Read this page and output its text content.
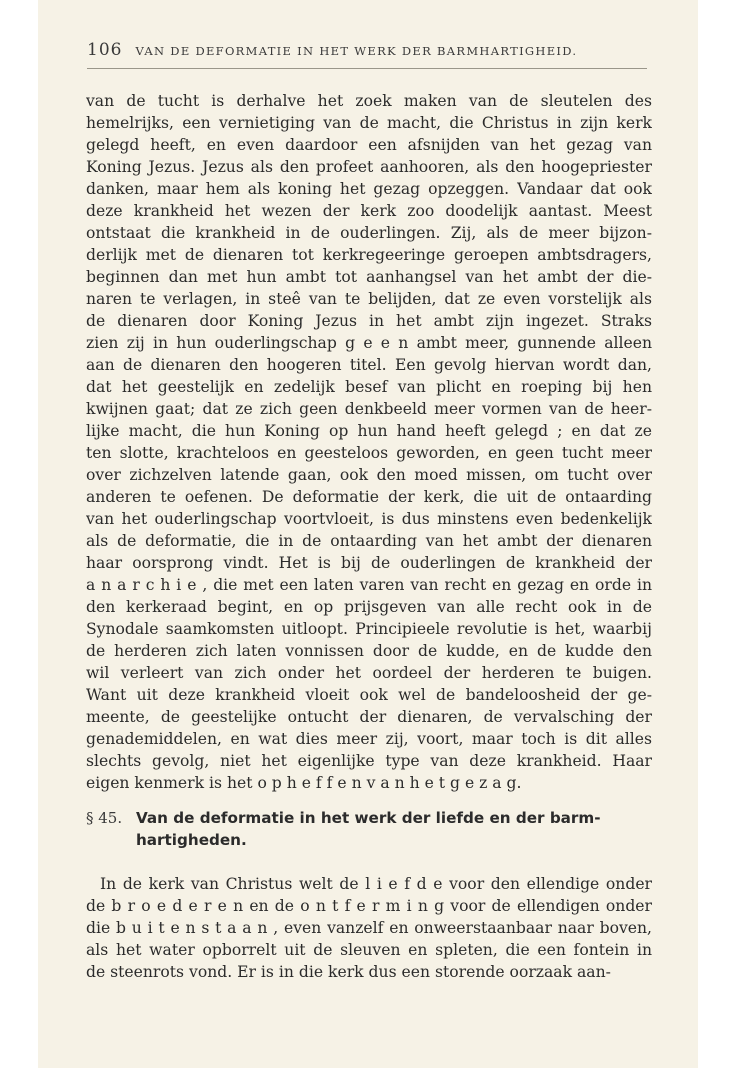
106 VAN DE DEFORMATIE IN HET WERK DER BARMHARTIGHEID.
van de tucht is derhalve het zoek maken van de sleutelen des
hemelrijks, een vernietiging van de macht, die Christus in zijn kerk
gelegd heeft, en even daardoor een afsnijden van het gezag van
Koning Jezus. Jezus als den profeet aanhooren, als den hoogepriester
danken, maar hem als koning het gezag opzeggen. Vandaar dat ook
deze krankheid het wezen der kerk zoo doodelijk aantast. Meest
ontstaat die krankheid in de ouderlingen. Zij, als de meer bijzon-
derlijk met de dienaren tot kerkregeeringe geroepen ambtsdragers,
beginnen dan met hun ambt tot aanhangsel van het ambt der die-
naren te verlagen, in steê van te belijden, dat ze even vorstelijk als
de dienaren door Koning Jezus in het ambt zijn ingezet. Straks
zien zij in hun ouderlingschap g e e n ambt meer, gunnende alleen
aan de dienaren den hoogeren titel. Een gevolg hiervan wordt dan,
dat het geestelijk en zedelijk besef van plicht en roeping bij hen
kwijnen gaat; dat ze zich geen denkbeeld meer vormen van de heer-
lijke macht, die hun Koning op hun hand heeft gelegd ; en dat ze
ten slotte, krachteloos en geesteloos geworden, en geen tucht meer
over zichzelven latende gaan, ook den moed missen, om tucht over
anderen te oefenen. De deformatie der kerk, die uit de ontaarding
van het ouderlingschap voortvloeit, is dus minstens even bedenkelijk
als de deformatie, die in de ontaarding van het ambt der dienaren
haar oorsprong vindt. Het is bij de ouderlingen de krankheid der
a n a r c h i e , die met een laten varen van recht en gezag en orde in
den kerkeraad begint, en op prijsgeven van alle recht ook in de
Synodale saamkomsten uitloopt. Principieele revolutie is het, waarbij
de herderen zich laten vonnissen door de kudde, en de kudde den
wil verleert van zich onder het oordeel der herderen te buigen.
Want uit deze krankheid vloeit ook wel de bandeloosheid der ge-
meente, de geestelijke ontucht der dienaren, de vervalsching der
genademiddelen, en wat dies meer zij, voort, maar toch is dit alles
slechts gevolg, niet het eigenlijke type van deze krankheid. Haar
eigen kenmerk is het o p h e f f e n v a n h e t g e z a g.
§ 45. Van de deformatie in het werk der liefde en der barm-
hartigheden.
In de kerk van Christus welt de l i e f d e voor den ellendige onder
de b r o e d e r e n en de o n t f e r m i n g voor de ellendigen onder
die b u i t e n s t a a n , even vanzelf en onweerstaanbaar naar boven,
als het water opborrelt uit de sleuven en spleten, die een fontein in
de steenrots vond. Er is in die kerk dus een storende oorzaak aan-
